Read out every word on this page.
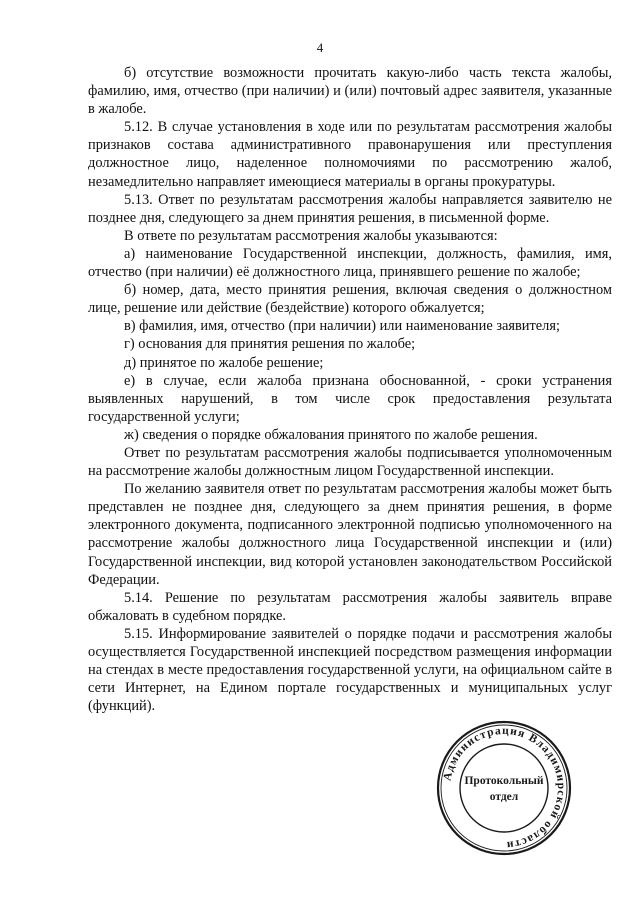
4

б) отсутствие возможности прочитать какую-либо часть текста жалобы, фамилию, имя, отчество (при наличии) и (или) почтовый адрес заявителя, указанные в жалобе.

5.12. В случае установления в ходе или по результатам рассмотрения жалобы признаков состава административного правонарушения или преступления должностное лицо, наделенное полномочиями по рассмотрению жалоб, незамедлительно направляет имеющиеся материалы в органы прокуратуры.

5.13. Ответ по результатам рассмотрения жалобы направляется заявителю не позднее дня, следующего за днем принятия решения, в письменной форме.

В ответе по результатам рассмотрения жалобы указываются:

а) наименование Государственной инспекции, должность, фамилия, имя, отчество (при наличии) её должностного лица, принявшего решение по жалобе;

б) номер, дата, место принятия решения, включая сведения о должностном лице, решение или действие (бездействие) которого обжалуется;

в) фамилия, имя, отчество (при наличии) или наименование заявителя;

г) основания для принятия решения по жалобе;

д) принятое по жалобе решение;

е) в случае, если жалоба признана обоснованной, - сроки устранения выявленных нарушений, в том числе срок предоставления результата государственной услуги;

ж) сведения о порядке обжалования принятого по жалобе решения.

Ответ по результатам рассмотрения жалобы подписывается уполномоченным на рассмотрение жалобы должностным лицом Государственной инспекции.

По желанию заявителя ответ по результатам рассмотрения жалобы может быть представлен не позднее дня, следующего за днем принятия решения, в форме электронного документа, подписанного электронной подписью уполномоченного на рассмотрение жалобы должностного лица Государственной инспекции и (или) Государственной инспекции, вид которой установлен законодательством Российской Федерации.

5.14. Решение по результатам рассмотрения жалобы заявитель вправе обжаловать в судебном порядке.

5.15. Информирование заявителей о порядке подачи и рассмотрения жалобы осуществляется Государственной инспекцией посредством размещения информации на стендах в месте предоставления государственной услуги, на официальном сайте в сети Интернет, на Едином портале государственных и муниципальных услуг (функций).

Администрация Владимирской области
Протокольный
отдел
